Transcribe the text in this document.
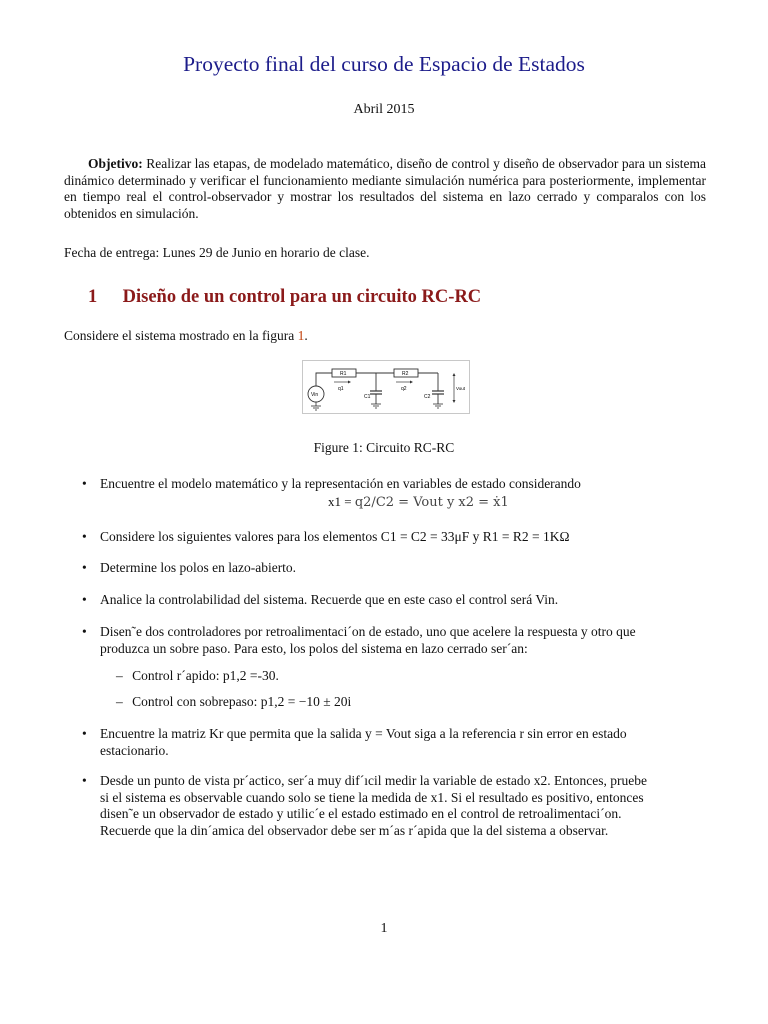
Proyecto final del curso de Espacio de Estados
Abril 2015
Objetivo: Realizar las etapas, de modelado matemático, diseño de control y diseño de observador para un sistema dinámico determinado y verificar el funcionamiento mediante simulación numérica para posteriormente, implementar en tiempo real el control-observador y mostrar los resultados del sistema en lazo cerrado y comparalos con los obtenidos en simulación.
Fecha de entrega: Lunes 29 de Junio en horario de clase.
1 Diseño de un control para un circuito RC-RC
Considere el sistema mostrado en la figura 1.
Vin
R1	R2
q1	q2
C1	C2
Vout
Figure 1: Circuito RC-RC
• Encuentre el modelo matemático y la representación en variables de estado considerando
x1 = q2/C2 = Vout y x2 = ẋ1
• Considere los siguientes valores para los elementos C1 = C2 = 33μF y R1 = R2 = 1KΩ
• Determine los polos en lazo-abierto.
• Analice la controlabilidad del sistema. Recuerde que en este caso el control será Vin.
• Disen˜e dos controladores por retroalimentaci´on de estado, uno que acelere la respuesta y otro que
produzca un sobre paso. Para esto, los polos del sistema en lazo cerrado ser´an:
– Control r´apido: p1,2 =-30.
– Control con sobrepaso: p1,2 = −10 ± 20i
• Encuentre la matriz Kr que permita que la salida y = Vout siga a la referencia r sin error en estado
estacionario.
• Desde un punto de vista pr´actico, ser´a muy dif´ıcil medir la variable de estado x2. Entonces, pruebe
si el sistema es observable cuando solo se tiene la medida de x1. Si el resultado es positivo, entonces
disen˜e un observador de estado y utilic´e el estado estimado en el control de retroalimentaci´on.
Recuerde que la din´amica del observador debe ser m´as r´apida que la del sistema a observar.
1
